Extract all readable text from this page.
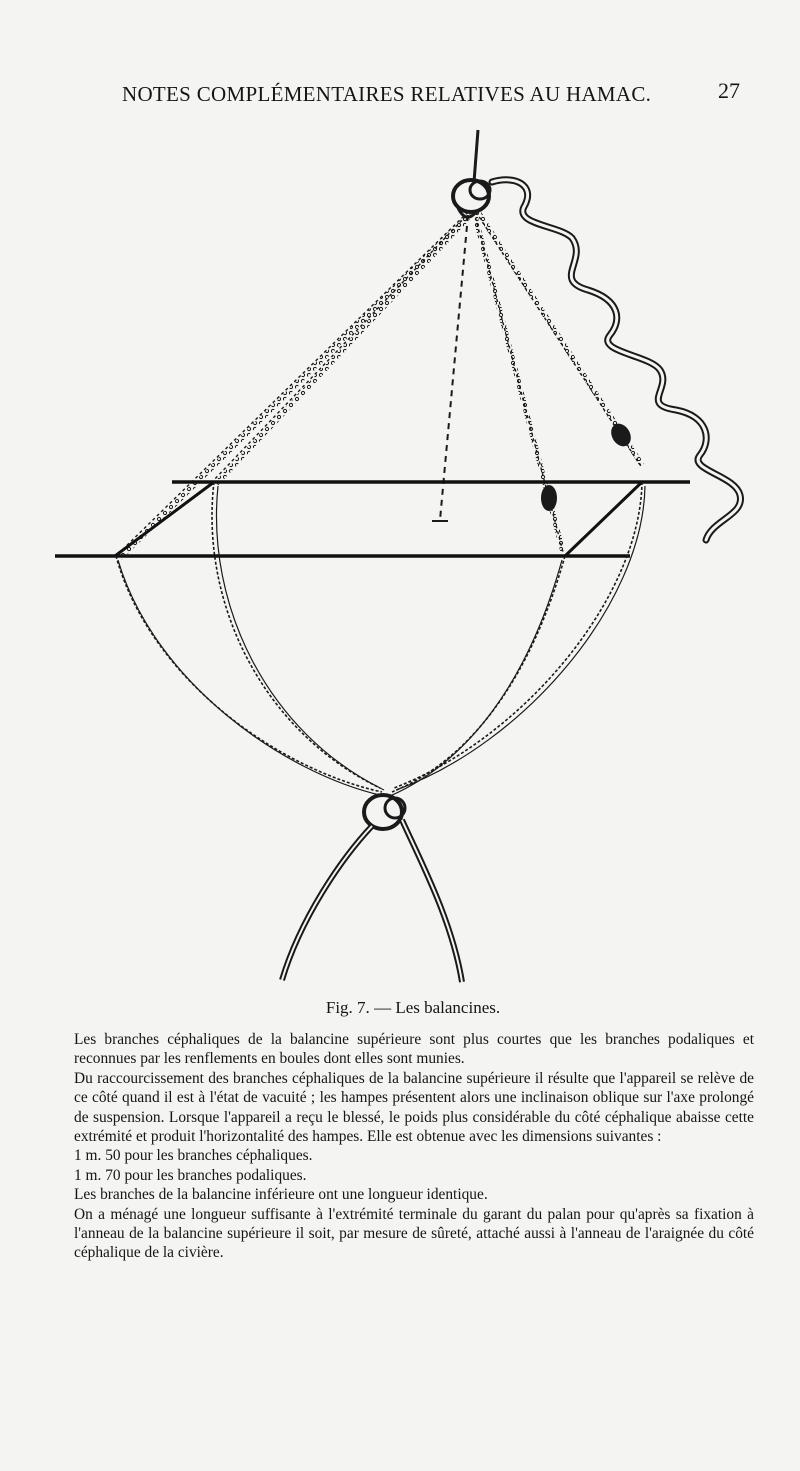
NOTES COMPLÉMENTAIRES RELATIVES AU HAMAC.	27
Fig. 7. — Les balancines.

Les branches céphaliques de la balancine supérieure sont plus courtes que les branches podaliques et reconnues par les renflements en boules dont elles sont munies.

Du raccourcissement des branches céphaliques de la balancine supérieure il résulte que l'appareil se relève de ce côté quand il est à l'état de vacuité ; les hampes présentent alors une inclinaison oblique sur l'axe prolongé de suspension. Lorsque l'appareil a reçu le blessé, le poids plus considérable du côté céphalique abaisse cette extrémité et produit l'horizontalité des hampes. Elle est obtenue avec les dimensions suivantes :

1 m. 50 pour les branches céphaliques.

1 m. 70 pour les branches podaliques.

Les branches de la balancine inférieure ont une longueur identique.

On a ménagé une longueur suffisante à l'extrémité terminale du garant du palan pour qu'après sa fixation à l'anneau de la balancine supérieure il soit, par mesure de sûreté, attaché aussi à l'anneau de l'araignée du côté céphalique de la civière.
